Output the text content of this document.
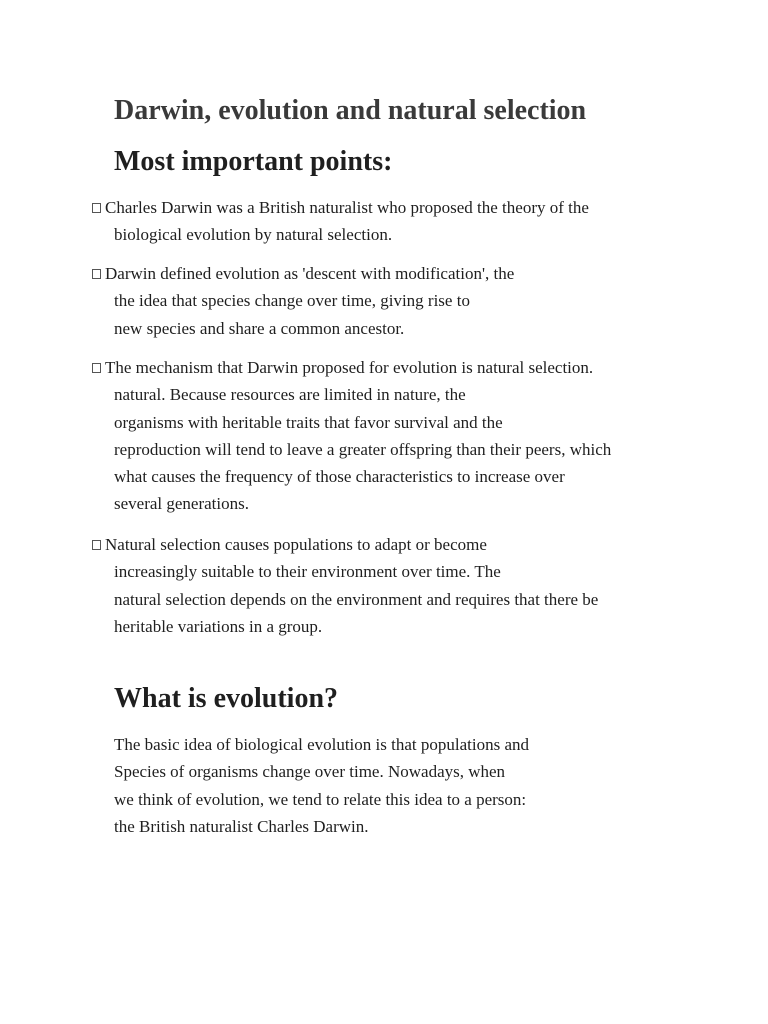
Darwin, evolution and natural selection
Most important points:
Charles Darwin was a British naturalist who proposed the theory of the
biological evolution by natural selection.
Darwin defined evolution as 'descent with modification', the
the idea that species change over time, giving rise to
new species and share a common ancestor.
The mechanism that Darwin proposed for evolution is natural selection.
natural. Because resources are limited in nature, the
organisms with heritable traits that favor survival and the
reproduction will tend to leave a greater offspring than their peers, which
what causes the frequency of those characteristics to increase over
several generations.
Natural selection causes populations to adapt or become
increasingly suitable to their environment over time. The
natural selection depends on the environment and requires that there be
heritable variations in a group.
What is evolution?
The basic idea of biological evolution is that populations and
Species of organisms change over time. Nowadays, when
we think of evolution, we tend to relate this idea to a person:
the British naturalist Charles Darwin.
